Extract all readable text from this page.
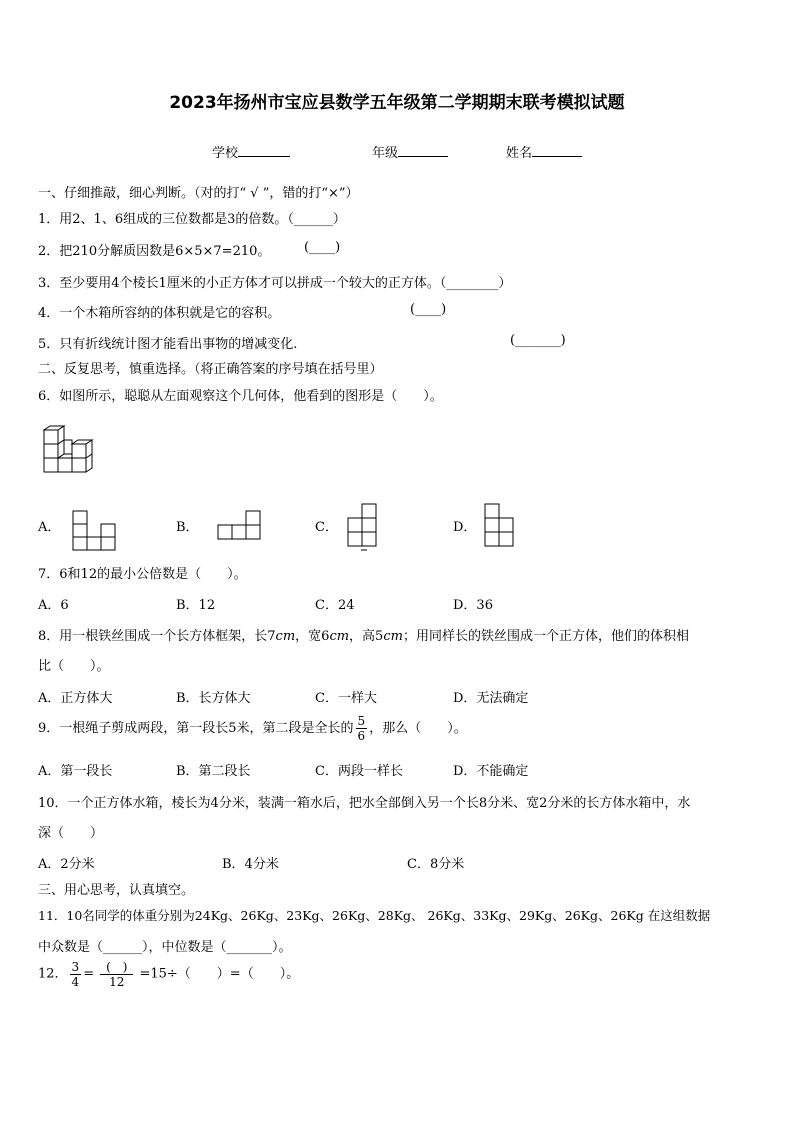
2023年扬州市宝应县数学五年级第二学期期末联考模拟试题
学校	年级	姓名
一、仔细推敲，细心判断。（对的打“ √ ”，错的打“×”）
1．用2、1、6组成的三位数都是3的倍数。（______）
2．把210分解质因数是6×5×7=210。	(____)
3．至少要用4个棱长1厘米的小正方体才可以拼成一个较大的正方体。（________）
4．一个木箱所容纳的体积就是它的容积。	(____)
5．只有折线统计图才能看出事物的增减变化.	(_______)
二、反复思考，慎重选择。（将正确答案的序号填在括号里）
6．如图所示，聪聪从左面观察这个几何体，他看到的图形是（　　）。
A．	B．	C．	D．
7．6和12的最小公倍数是（　　）。
A．6	B．12	C．24	D．36
8．用一根铁丝围成一个长方体框架，长7cm，宽6cm，高5cm；用同样长的铁丝围成一个正方体，他们的体积相
比（　　）。
A．正方体大	B．长方体大	C．一样大	D．无法确定
9．一根绳子剪成两段，第一段长5米，第二段是全长的 $\frac{5}{6}$ ，那么（　　）。
A．第一段长	B．第二段长	C．两段一样长	D．不能确定
10．一个正方体水箱，棱长为4分米，装满一箱水后，把水全部倒入另一个长8分米、宽2分米的长方体水箱中，水
深（　　）
A．2分米	B．4分米	C．8分米
三、用心思考，认真填空。
11．10名同学的体重分别为24Kg、26Kg、23Kg、26Kg、28Kg、 26Kg、33Kg、29Kg、26Kg、26Kg 在这组数据
中众数是（______），中位数是（_______）。
12． $\frac{3}{4} = \frac{( )}{12} =15\div$（　　）=（　　）。
